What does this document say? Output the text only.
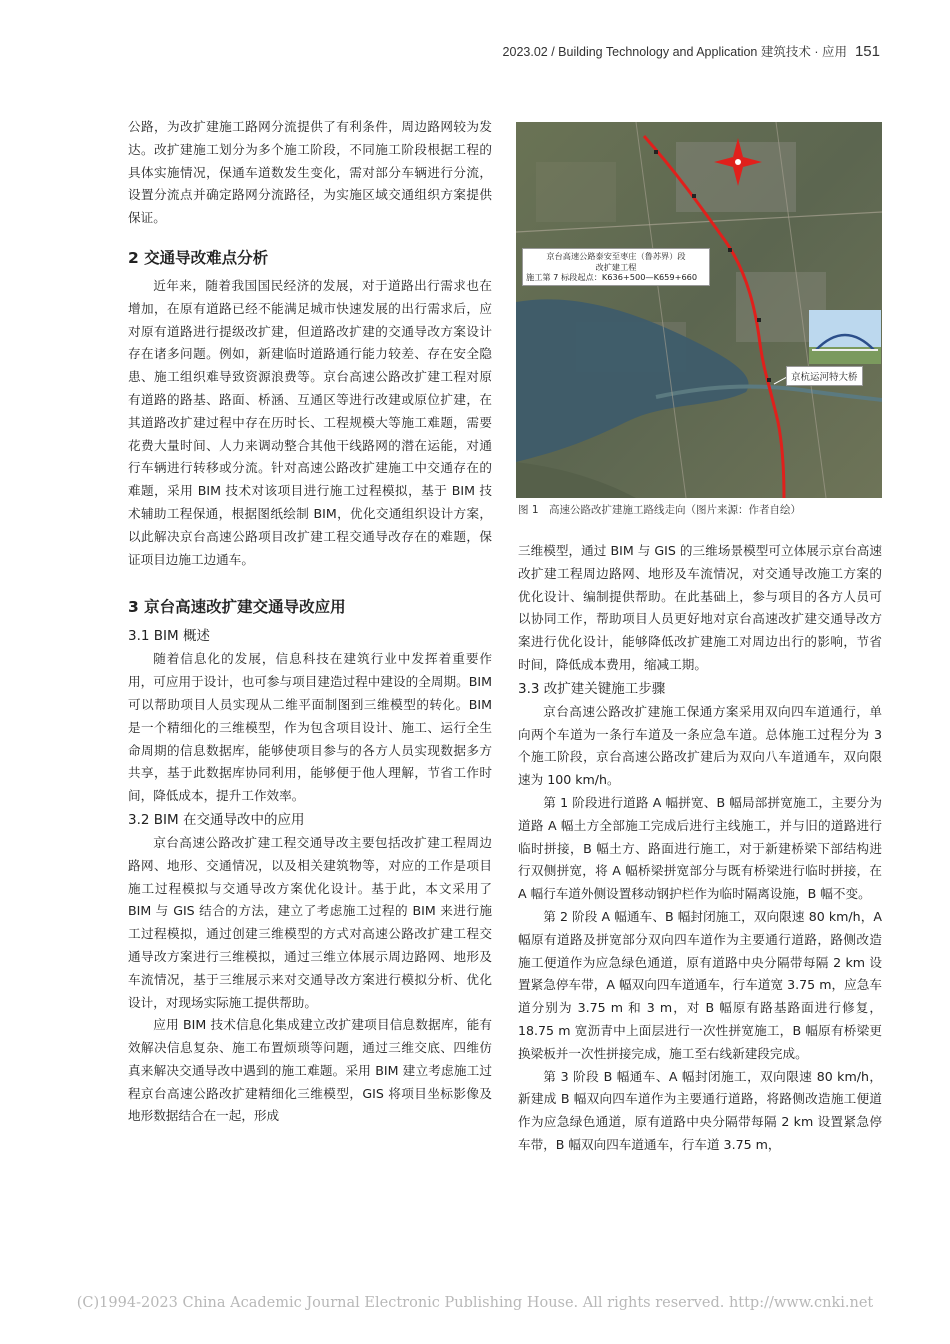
2023.02 / Building Technology and Application 建筑技术 · 应用 151

公路，为改扩建施工路网分流提供了有利条件，周边路网较为发达。改扩建施工划分为多个施工阶段，不同施工阶段根据工程的具体实施情况，保通车道数发生变化，需对部分车辆进行分流，设置分流点并确定路网分流路径，为实施区域交通组织方案提供保证。

2 交通导改难点分析

近年来，随着我国国民经济的发展，对于道路出行需求也在增加，在原有道路已经不能满足城市快速发展的出行需求后，应对原有道路进行提级改扩建，但道路改扩建的交通导改方案设计存在诸多问题。例如，新建临时道路通行能力较差、存在安全隐患、施工组织难导致资源浪费等。京台高速公路改扩建工程对原有道路的路基、路面、桥涵、互通区等进行改建或原位扩建，在其道路改扩建过程中存在历时长、工程规模大等施工难题，需要花费大量时间、人力来调动整合其他干线路网的潜在运能，对通行车辆进行转移或分流。针对高速公路改扩建施工中交通存在的难题，采用 BIM 技术对该项目进行施工过程模拟，基于 BIM 技术辅助工程保通，根据图纸绘制 BIM，优化交通组织设计方案，以此解决京台高速公路项目改扩建工程交通导改存在的难题，保证项目边施工边通车。

3 京台高速改扩建交通导改应用
3.1 BIM 概述

随着信息化的发展，信息科技在建筑行业中发挥着重要作用，可应用于设计，也可参与项目建造过程中建设的全周期。BIM 可以帮助项目人员实现从二维平面制图到三维模型的转化。BIM 是一个精细化的三维模型，作为包含项目设计、施工、运行全生命周期的信息数据库，能够使项目参与的各方人员实现数据多方共享，基于此数据库协同利用，能够便于他人理解，节省工作时间，降低成本，提升工作效率。

3.2 BIM 在交通导改中的应用

京台高速公路改扩建工程交通导改主要包括改扩建工程周边路网、地形、交通情况，以及相关建筑物等，对应的工作是项目施工过程模拟与交通导改方案优化设计。基于此，本文采用了 BIM 与 GIS 结合的方法，建立了考虑施工过程的 BIM 来进行施工过程模拟，通过创建三维模型的方式对高速公路改扩建工程交通导改方案进行三维模拟，通过三维立体展示周边路网、地形及车流情况，基于三维展示来对交通导改方案进行模拟分析、优化设计，对现场实际施工提供帮助。

应用 BIM 技术信息化集成建立改扩建项目信息数据库，能有效解决信息复杂、施工布置烦琐等问题，通过三维交底、四维仿真来解决交通导改中遇到的施工难题。采用 BIM 建立考虑施工过程京台高速公路改扩建精细化三维模型，GIS 将项目坐标影像及地形数据结合在一起，形成

京台高速公路泰安至枣庄（鲁苏界）段
改扩建工程
施工第 7 标段起点：K636+500—K659+660
京杭运河特大桥
图 1　高速公路改扩建施工路线走向（图片来源：作者自绘）

三维模型，通过 BIM 与 GIS 的三维场景模型可立体展示京台高速改扩建工程周边路网、地形及车流情况，对交通导改施工方案的优化设计、编制提供帮助。在此基础上，参与项目的各方人员可以协同工作，帮助项目人员更好地对京台高速改扩建交通导改方案进行优化设计，能够降低改扩建施工对周边出行的影响，节省时间，降低成本费用，缩减工期。

3.3 改扩建关键施工步骤

京台高速公路改扩建施工保通方案采用双向四车道通行，单向两个车道为一条行车道及一条应急车道。总体施工过程分为 3 个施工阶段，京台高速公路改扩建后为双向八车道通车，双向限速为 100 km/h。

第 1 阶段进行道路 A 幅拼宽、B 幅局部拼宽施工，主要分为道路 A 幅土方全部施工完成后进行主线施工，并与旧的道路进行临时拼接，B 幅土方、路面进行施工，对于新建桥梁下部结构进行双侧拼宽，将 A 幅桥梁拼宽部分与既有桥梁进行临时拼接，在 A 幅行车道外侧设置移动钢护栏作为临时隔离设施，B 幅不变。

第 2 阶段 A 幅通车、B 幅封闭施工，双向限速 80 km/h，A 幅原有道路及拼宽部分双向四车道作为主要通行道路，路侧改造施工便道作为应急绿色通道，原有道路中央分隔带每隔 2 km 设置紧急停车带，A 幅双向四车道通车，行车道宽 3.75 m，应急车道分别为 3.75 m 和 3 m，对 B 幅原有路基路面进行修复，18.75 m 宽沥青中上面层进行一次性拼宽施工，B 幅原有桥梁更换梁板并一次性拼接完成，施工至右线新建段完成。

第 3 阶段 B 幅通车、A 幅封闭施工，双向限速 80 km/h，新建成 B 幅双向四车道作为主要通行道路，将路侧改造施工便道作为应急绿色通道，原有道路中央分隔带每隔 2 km 设置紧急停车带，B 幅双向四车道通车，行车道 3.75 m，

(C)1994-2023 China Academic Journal Electronic Publishing House. All rights reserved. http://www.cnki.net
